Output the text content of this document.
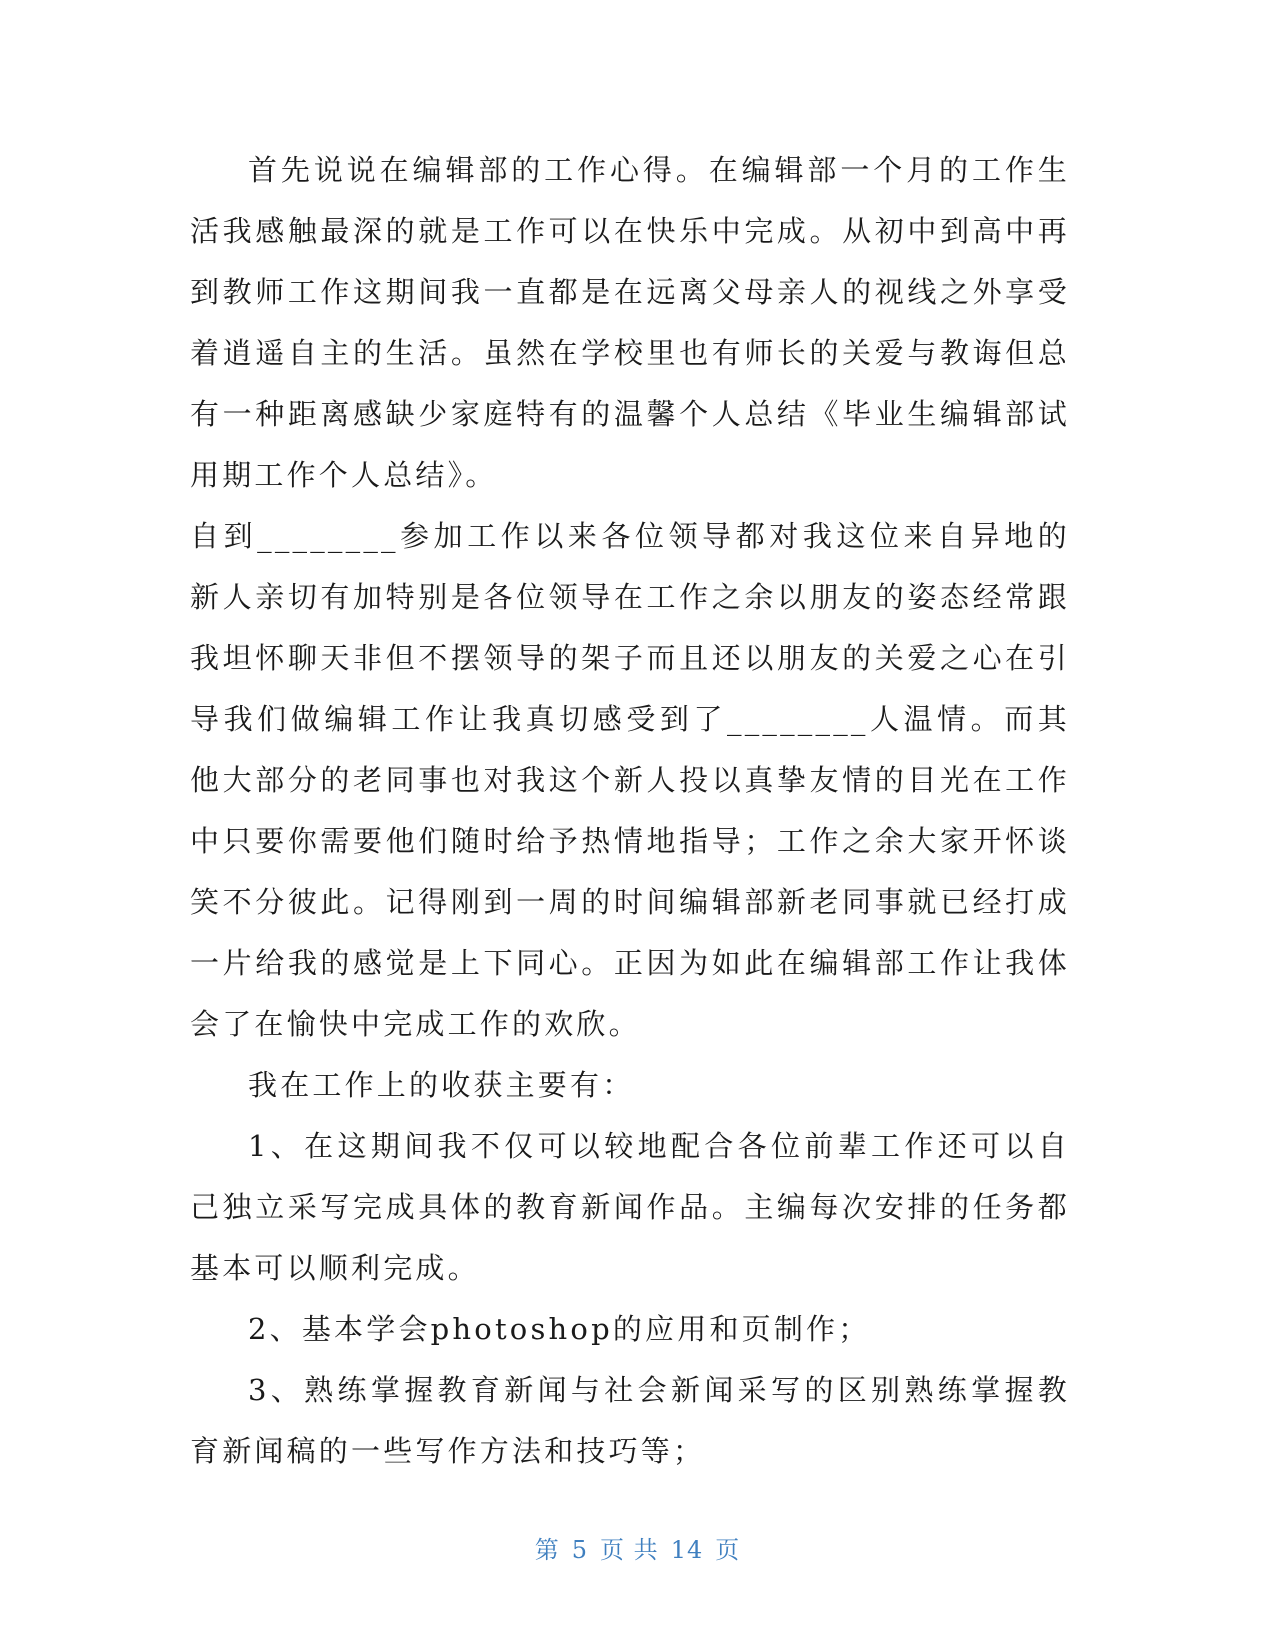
首先说说在编辑部的工作心得。在编辑部一个月的工作生活我感触最深的就是工作可以在快乐中完成。从初中到高中再到教师工作这期间我一直都是在远离父母亲人的视线之外享受着逍遥自主的生活。虽然在学校里也有师长的关爱与教诲但总有一种距离感缺少家庭特有的温馨个人总结《毕业生编辑部试用期工作个人总结》。

自到________参加工作以来各位领导都对我这位来自异地的新人亲切有加特别是各位领导在工作之余以朋友的姿态经常跟我坦怀聊天非但不摆领导的架子而且还以朋友的关爱之心在引导我们做编辑工作让我真切感受到了________人温情。而其他大部分的老同事也对我这个新人投以真挚友情的目光在工作中只要你需要他们随时给予热情地指导；工作之余大家开怀谈笑不分彼此。记得刚到一周的时间编辑部新老同事就已经打成一片给我的感觉是上下同心。正因为如此在编辑部工作让我体会了在愉快中完成工作的欢欣。

我在工作上的收获主要有：

1、在这期间我不仅可以较地配合各位前辈工作还可以自己独立采写完成具体的教育新闻作品。主编每次安排的任务都基本可以顺利完成。

2、基本学会photoshop的应用和页制作；

3、熟练掌握教育新闻与社会新闻采写的区别熟练掌握教育新闻稿的一些写作方法和技巧等；

第 5 页 共 14 页
